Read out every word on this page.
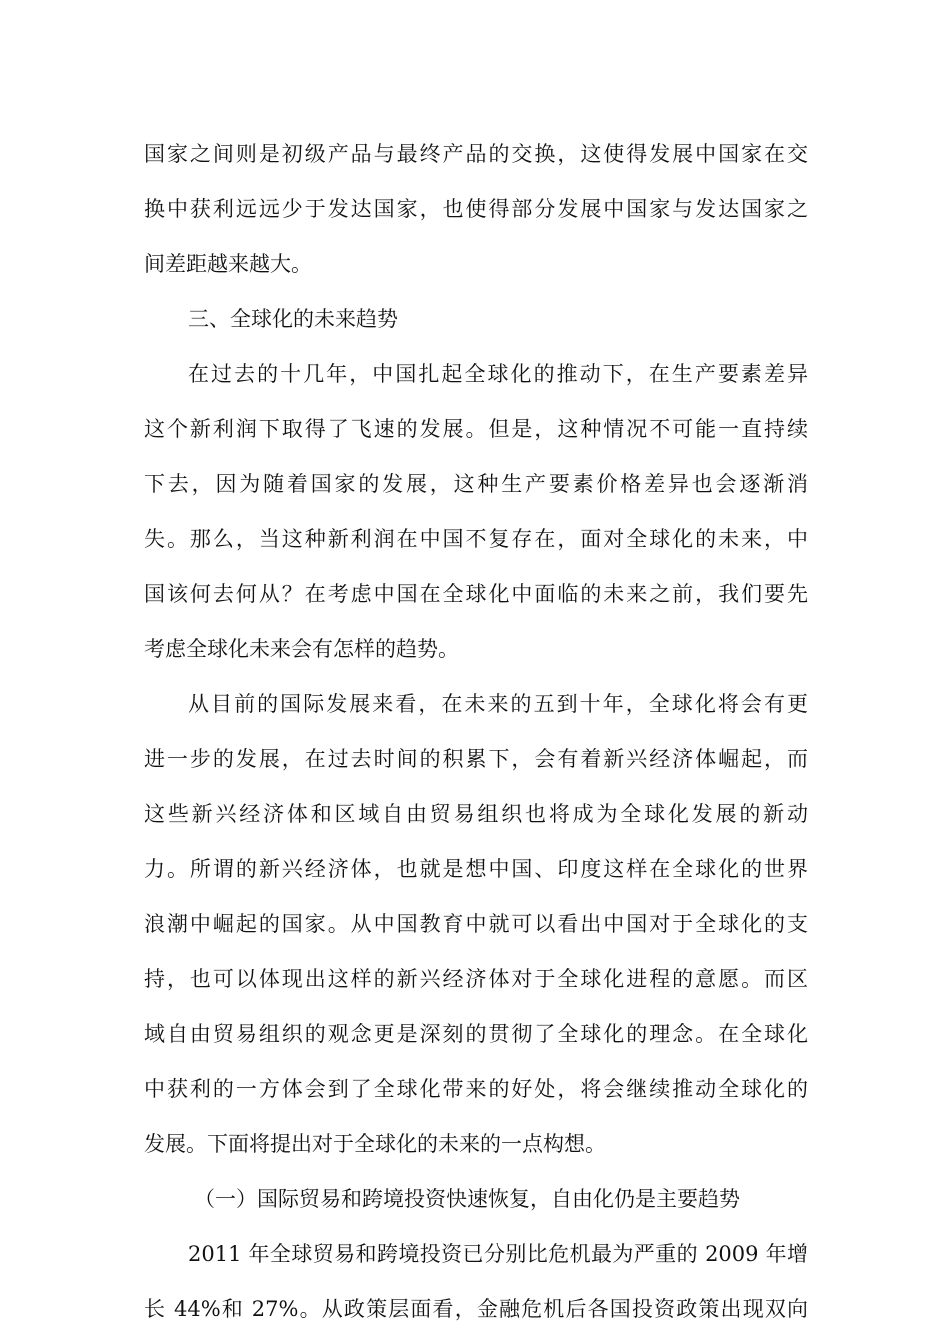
国家之间则是初级产品与最终产品的交换，这使得发展中国家在交
换中获利远远少于发达国家，也使得部分发展中国家与发达国家之
间差距越来越大。
三、全球化的未来趋势
在过去的十几年，中国扎起全球化的推动下，在生产要素差异
这个新利润下取得了飞速的发展。但是，这种情况不可能一直持续
下去，因为随着国家的发展，这种生产要素价格差异也会逐渐消
失。那么，当这种新利润在中国不复存在，面对全球化的未来，中
国该何去何从？在考虑中国在全球化中面临的未来之前，我们要先
考虑全球化未来会有怎样的趋势。
从目前的国际发展来看，在未来的五到十年，全球化将会有更
进一步的发展，在过去时间的积累下，会有着新兴经济体崛起，而
这些新兴经济体和区域自由贸易组织也将成为全球化发展的新动
力。所谓的新兴经济体，也就是想中国、印度这样在全球化的世界
浪潮中崛起的国家。从中国教育中就可以看出中国对于全球化的支
持，也可以体现出这样的新兴经济体对于全球化进程的意愿。而区
域自由贸易组织的观念更是深刻的贯彻了全球化的理念。在全球化
中获利的一方体会到了全球化带来的好处，将会继续推动全球化的
发展。下面将提出对于全球化的未来的一点构想。
（一）国际贸易和跨境投资快速恢复，自由化仍是主要趋势
2011 年全球贸易和跨境投资已分别比危机最为严重的 2009 年增
长 44%和 27%。从政策层面看，金融危机后各国投资政策出现双向
